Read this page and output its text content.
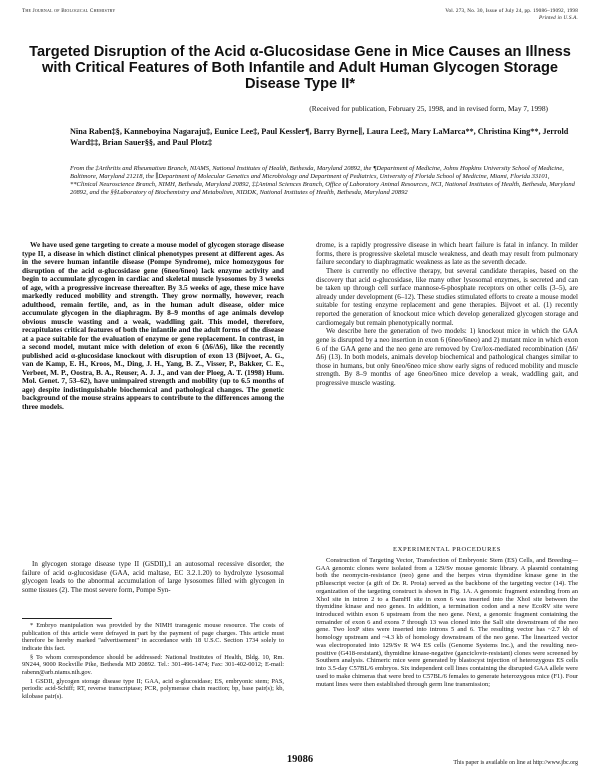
The Journal of Biological Chemistry	Vol. 273, No. 30, Issue of July 24, pp. 19086–19092, 1998
Printed in U.S.A.
Targeted Disruption of the Acid α-Glucosidase Gene in Mice Causes an Illness with Critical Features of Both Infantile and Adult Human Glycogen Storage Disease Type II*
(Received for publication, February 25, 1998, and in revised form, May 7, 1998)
Nina Raben‡§, Kanneboyina Nagaraju‡, Eunice Lee‡, Paul Kessler¶, Barry Byrne∥, Laura Lee‡, Mary LaMarca**, Christina King**, Jerrold Ward‡‡, Brian Sauer§§, and Paul Plotz‡
From the ‡Arthritis and Rheumatism Branch, NIAMS, National Institutes of Health, Bethesda, Maryland 20892, the ¶Department of Medicine, Johns Hopkins University School of Medicine, Baltimore, Maryland 21218, the ∥Department of Molecular Genetics and Microbiology and Department of Pediatrics, University of Florida School of Medicine, Miami, Florida 33101, **Clinical Neuroscience Branch, NIMH, Bethesda, Maryland 20892, ‡‡Animal Sciences Branch, Office of Laboratory Animal Resources, NCI, National Institutes of Health, Bethesda, Maryland 20892, and the §§Laboratory of Biochemistry and Metabolism, NIDDK, National Institutes of Health, Bethesda, Maryland 20892

We have used gene targeting to create a mouse model of glycogen storage disease type II, a disease in which distinct clinical phenotypes present at different ages. As in the severe human infantile disease (Pompe Syndrome), mice homozygous for disruption of the acid α-glucosidase gene (6neo/6neo) lack enzyme activity and begin to accumulate glycogen in cardiac and skeletal muscle lysosomes by 3 weeks of age, with a progressive increase thereafter. By 3.5 weeks of age, these mice have markedly reduced mobility and strength. They grow normally, however, reach adulthood, remain fertile, and, as in the human adult disease, older mice accumulate glycogen in the diaphragm. By 8–9 months of age animals develop obvious muscle wasting and a weak, waddling gait. This model, therefore, recapitulates critical features of both the infantile and the adult forms of the disease at a pace suitable for the evaluation of enzyme or gene replacement. In contrast, in a second model, mutant mice with deletion of exon 6 (Δ6/Δ6), like the recently published acid α-glucosidase knockout with disruption of exon 13 (Bijvoet, A. G., van de Kamp, E. H., Kroos, M., Ding, J. H., Yang, B. Z., Visser, P., Bakker, C. E., Verbeet, M. P., Oostra, B. A., Reuser, A. J. J., and van der Ploeg, A. T. (1998) Hum. Mol. Genet. 7, 53–62), have unimpaired strength and mobility (up to 6.5 months of age) despite indistinguishable biochemical and pathological changes. The genetic background of the mouse strains appears to contribute to the differences among the three models.

In glycogen storage disease type II (GSDII),1 an autosomal recessive disorder, the failure of acid α-glucosidase (GAA, acid maltase, EC 3.2.1.20) to hydrolyze lysosomal glycogen leads to the abnormal accumulation of large lysosomes filled with glycogen in some tissues (2). The most severe form, Pompe Syn-

* Embryo manipulation was provided by the NIMH transgenic mouse resource. The costs of publication of this article were defrayed in part by the payment of page charges. This article must therefore be hereby marked "advertisement" in accordance with 18 U.S.C. Section 1734 solely to indicate this fact.

§ To whom correspondence should be addressed: National Institutes of Health, Bldg. 10, Rm. 9N244, 9000 Rockville Pike, Bethesda MD 20892. Tel.: 301-496-1474; Fax: 301-402-0012; E-mail: rabenn@arb.niams.nih.gov.

1 GSDII, glycogen storage disease type II; GAA, acid α-glucosidase; ES, embryonic stem; PAS, periodic acid-Schiff; RT, reverse transcriptase; PCR, polymerase chain reaction; bp, base pair(s); kb, kilobase pair(s).

drome, is a rapidly progressive disease in which heart failure is fatal in infancy. In milder forms, there is progressive skeletal muscle weakness, and death may result from pulmonary failure secondary to diaphragmatic weakness as late as the seventh decade.

There is currently no effective therapy, but several candidate therapies, based on the discovery that acid α-glucosidase, like many other lysosomal enzymes, is secreted and can be taken up through cell surface mannose-6-phosphate receptors on other cells (3–5), are already under development (6–12). These studies stimulated efforts to create a mouse model suitable for testing enzyme replacement and gene therapies. Bijvoet et al. (1) recently reported the generation of knockout mice which develop generalized glycogen storage and cardiomegaly but remain phenotypically normal.

We describe here the generation of two models: 1) knockout mice in which the GAA gene is disrupted by a neo insertion in exon 6 (6neo/6neo) and 2) mutant mice in which exon 6 of the GAA gene and the neo gene are removed by Cre/lox-mediated recombination (Δ6/Δ6) (13). In both models, animals develop biochemical and pathological changes similar to those in humans, but only 6neo/6neo mice show early signs of reduced mobility and muscle strength. By 8–9 months of age 6neo/6neo mice develop a weak, waddling gait, and progressive muscle wasting.

EXPERIMENTAL PROCEDURES

Construction of Targeting Vector, Transfection of Embryonic Stem (ES) Cells, and Breeding—GAA genomic clones were isolated from a 129/Sv mouse genomic library. A plasmid containing both the neomycin-resistance (neo) gene and the herpes virus thymidine kinase gene in the pBluescript vector (a gift of Dr. R. Proia) served as the backbone of the targeting vector (14). The organization of the targeting construct is shown in Fig. 1A. A genomic fragment extending from an XhoI site in intron 2 to a BamHI site in exon 6 was inserted into the XhoI site between the thymidine kinase and neo genes. In addition, a termination codon and a new EcoRV site were introduced within exon 6 upstream from the neo gene. Next, a genomic fragment containing the remainder of exon 6 and exons 7 through 13 was cloned into the SalI site downstream of the neo gene. Two loxP sites were inserted into introns 5 and 6. The resulting vector has ~2.7 kb of homology upstream and ~4.3 kb of homology downstream of the neo gene. The linearized vector was electroporated into 129/Sv R W4 ES cells (Genome Systems Inc.), and the resulting neo-positive (G418-resistant), thymidine kinase-negative (ganciclovir-resistant) clones were screened by Southern analysis. Chimeric mice were generated by blastocyst injection of heterozygous ES cells into 3.5-day C57BL/6 embryos. Six independent cell lines containing the disrupted GAA allele were used to make chimeras that were bred to C57BL/6 females to generate heterozygous mice (F1). Four mutant lines were then established through germ line transmission;

19086	This paper is available on line at http://www.jbc.org
